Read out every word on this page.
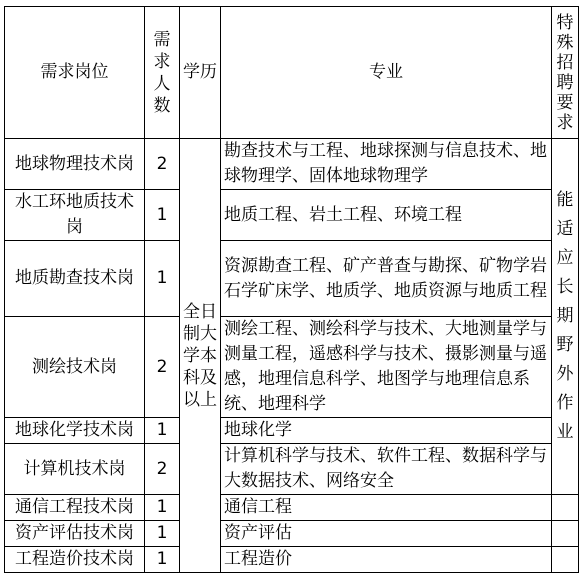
需求岗位	需求人数	学历	专业	特殊招聘要求

地球物理技术岗	2	全日制大学本科及以上	勘查技术与工程、地球探测与信息技术、地球物理学、固体地球物理学	能适应长期野外作业

水工环地质技术岗	1		地质工程、岩土工程、环境工程	
地质勘查技术岗	1		资源勘查工程、矿产普查与勘探、矿物学岩石学矿床学、地质学、地质资源与地质工程	
测绘技术岗	2		测绘工程、测绘科学与技术、大地测量学与测量工程，遥感科学与技术、摄影测量与遥感，地理信息科学、地图学与地理信息系统、地理科学	
地球化学技术岗	1		地球化学	
计算机技术岗	2		计算机科学与技术、软件工程、数据科学与大数据技术、网络安全	
通信工程技术岗	1		通信工程	
资产评估技术岗	1		资产评估	
工程造价技术岗	1		工程造价	
